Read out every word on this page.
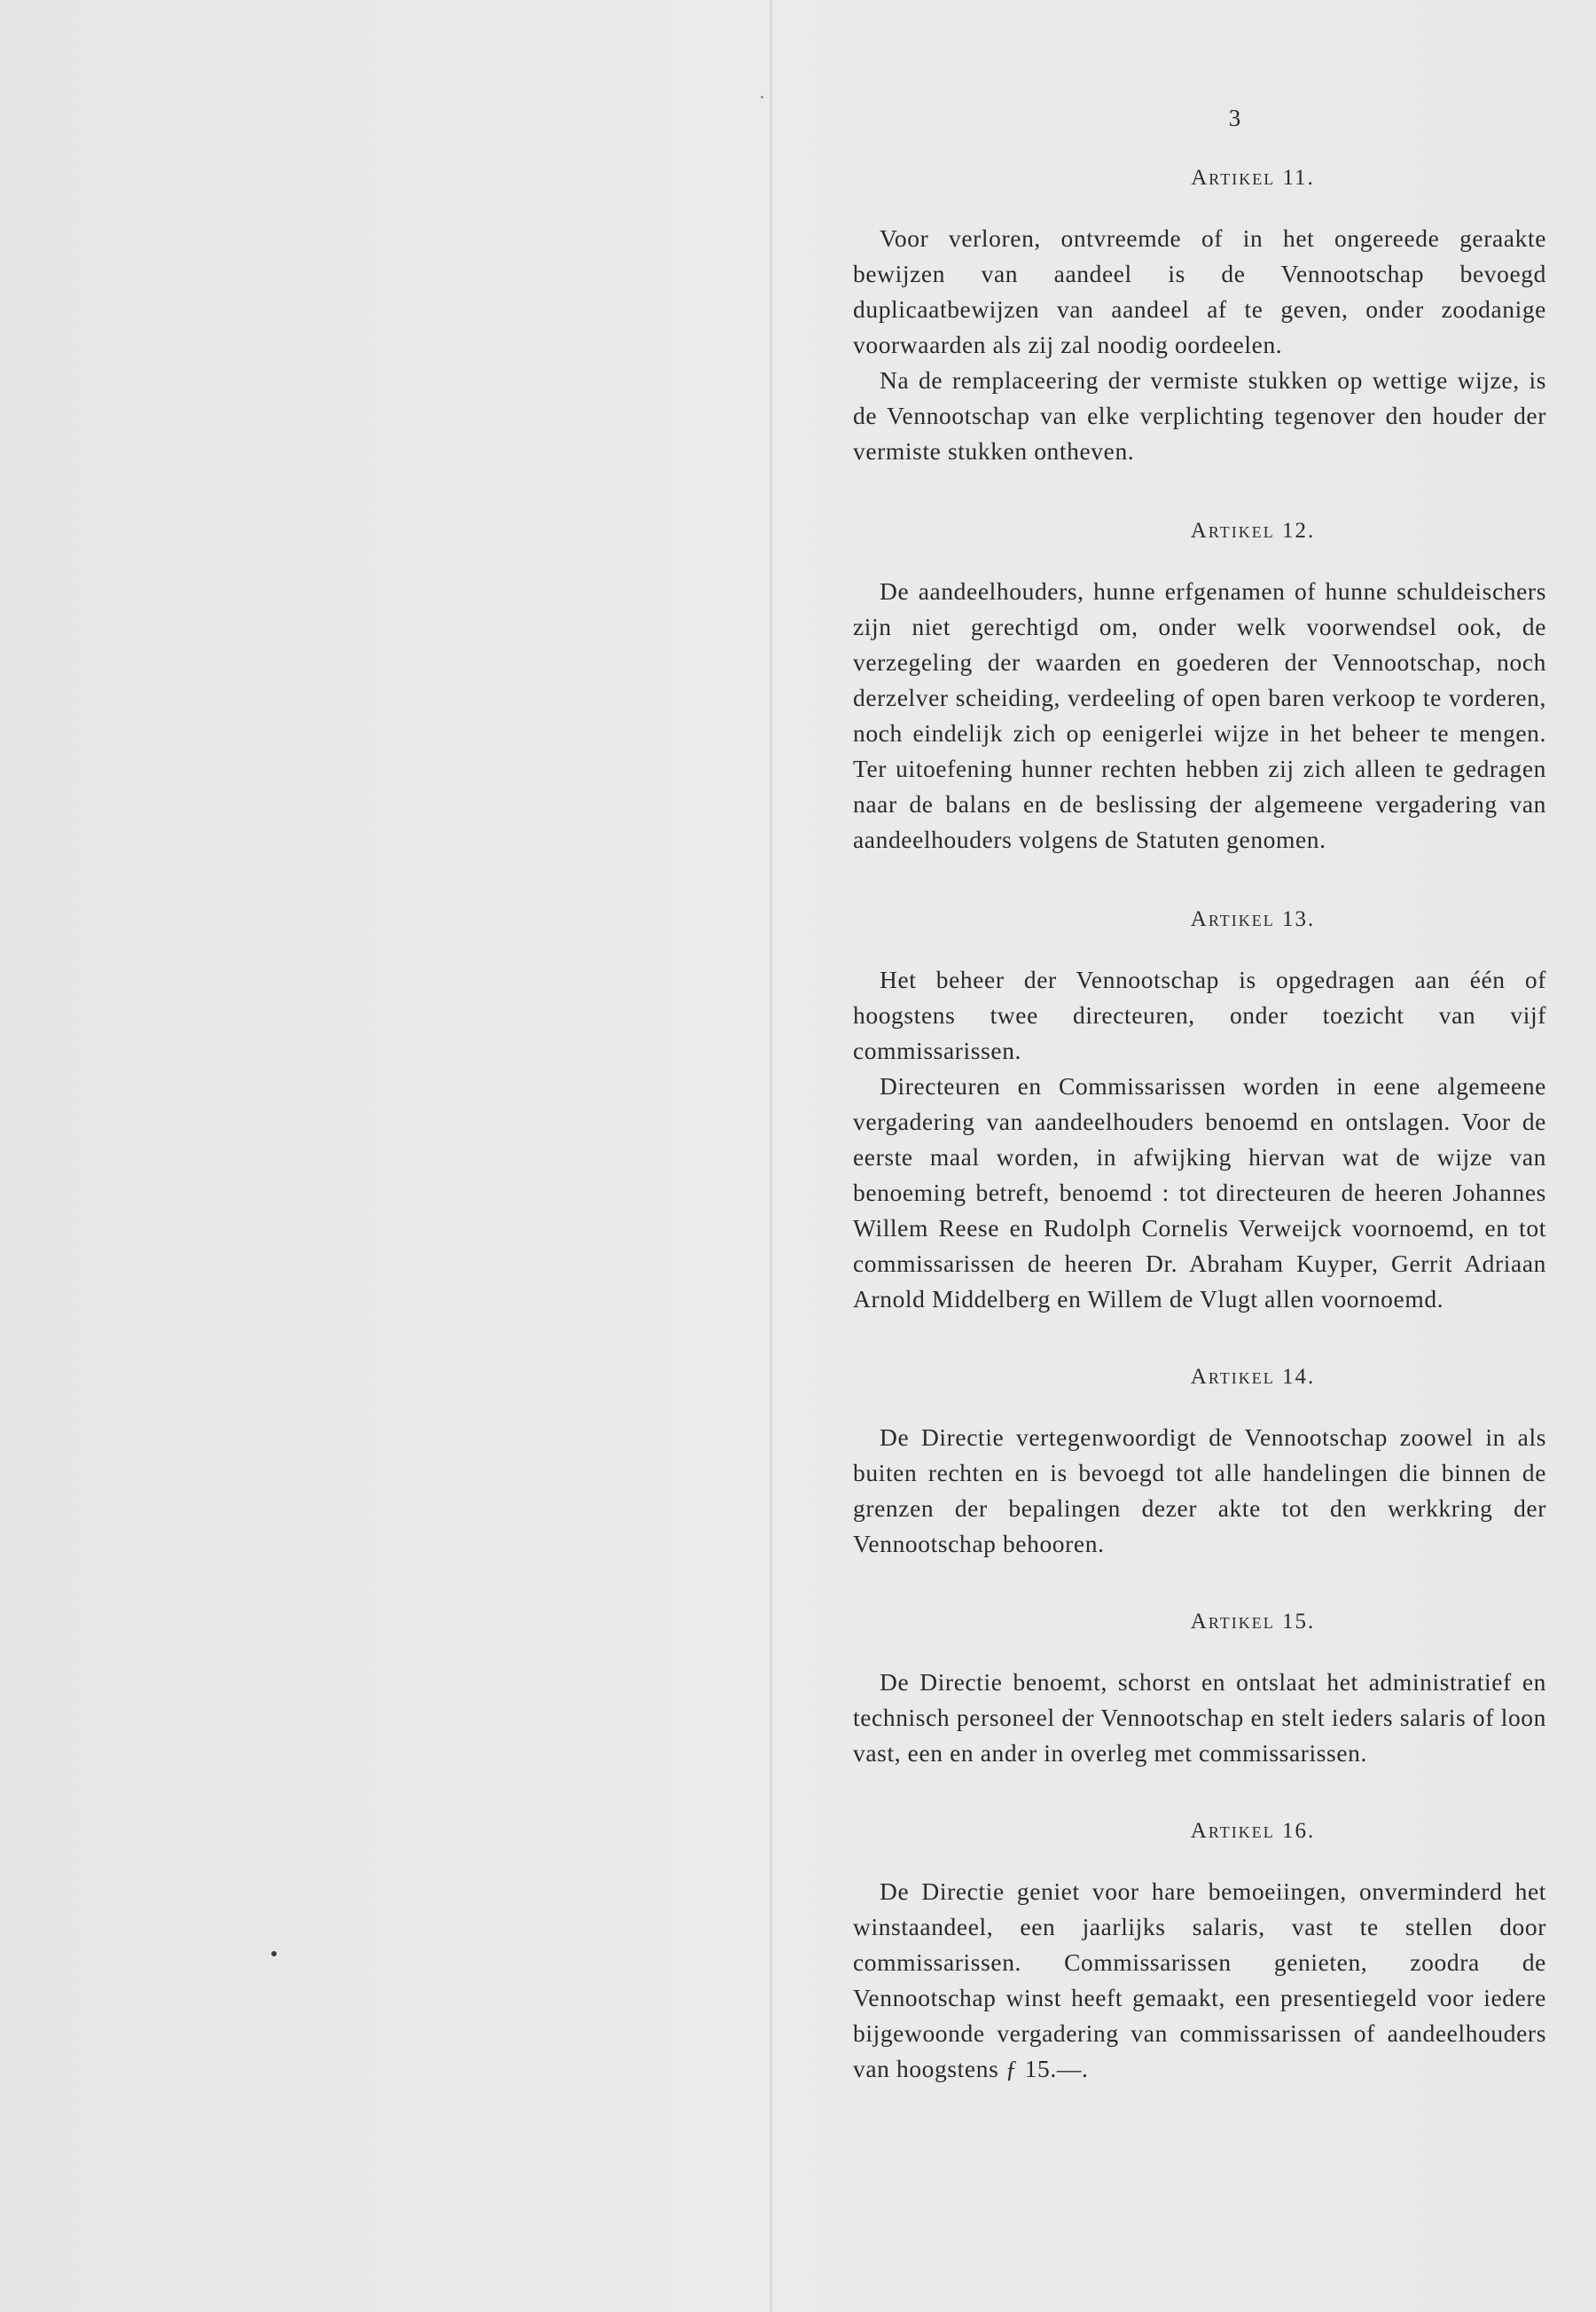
3
Artikel 11.

Voor verloren, ontvreemde of in het ongereede geraakte bewijzen van aandeel is de Vennootschap bevoegd duplicaatbewijzen van aandeel af te geven, onder zoodanige voorwaarden als zij zal noodig oordeelen.

Na de remplaceering der vermiste stukken op wettige wijze, is de Vennootschap van elke verplichting tegenover den houder der vermiste stukken ontheven.

Artikel 12.

De aandeelhouders, hunne erfgenamen of hunne schuldeischers zijn niet gerechtigd om, onder welk voorwendsel ook, de verzegeling der waarden en goederen der Vennootschap, noch derzelver scheiding, verdeeling of open baren verkoop te vorderen, noch eindelijk zich op eenigerlei wijze in het beheer te mengen. Ter uitoefening hunner rechten hebben zij zich alleen te gedragen naar de balans en de beslissing der algemeene vergadering van aandeelhouders volgens de Statuten genomen.

Artikel 13.

Het beheer der Vennootschap is opgedragen aan één of hoogstens twee directeuren, onder toezicht van vijf commissarissen.

Directeuren en Commissarissen worden in eene algemeene vergadering van aandeelhouders benoemd en ontslagen. Voor de eerste maal worden, in afwijking hiervan wat de wijze van benoeming betreft, benoemd : tot directeuren de heeren Johannes Willem Reese en Rudolph Cornelis Verweijck voornoemd, en tot commissarissen de heeren Dr. Abraham Kuyper, Gerrit Adriaan Arnold Middelberg en Willem de Vlugt allen voornoemd.

Artikel 14.

De Directie vertegenwoordigt de Vennootschap zoowel in als buiten rechten en is bevoegd tot alle handelingen die binnen de grenzen der bepalingen dezer akte tot den werkkring der Vennootschap behooren.

Artikel 15.

De Directie benoemt, schorst en ontslaat het administratief en technisch personeel der Vennootschap en stelt ieders salaris of loon vast, een en ander in overleg met commissarissen.

Artikel 16.

De Directie geniet voor hare bemoeiingen, onverminderd het winstaandeel, een jaarlijks salaris, vast te stellen door commissarissen. Commissarissen genieten, zoodra de Vennootschap winst heeft gemaakt, een presentiegeld voor iedere bijgewoonde vergadering van commissarissen of aandeelhouders van hoogstens ƒ 15.—.
